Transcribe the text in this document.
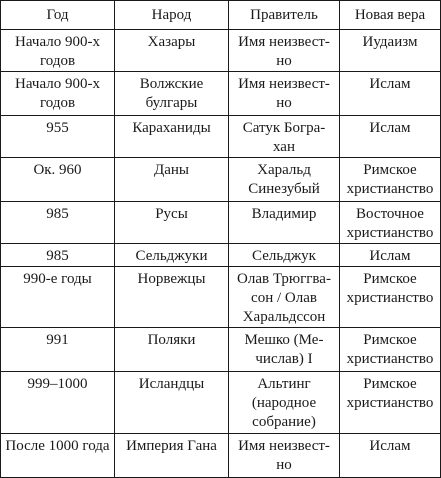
Год	Народ	Правитель	Новая вера
Начало 900-х годов	Хазары	Имя неизвест-но	Иудаизм
Начало 900-х годов	Волжские булгары	Имя неизвест-но	Ислам
955	Караханиды	Сатук Богра-хан	Ислам
Ок. 960	Даны	Харальд Синезубый	Римское христианство
985	Русы	Владимир	Восточное христианство
985	Сельджуки	Сельджук	Ислам
990-е годы	Норвежцы	Олав Трюггва-сон / Олав Харальдссон	Римское христианство
991	Поляки	Мешко (Ме-числав) I	Римское христианство
999–1000	Исландцы	Альтинг (народное собрание)	Римское христианство
После 1000 года	Империя Гана	Имя неизвест-но	Ислам
